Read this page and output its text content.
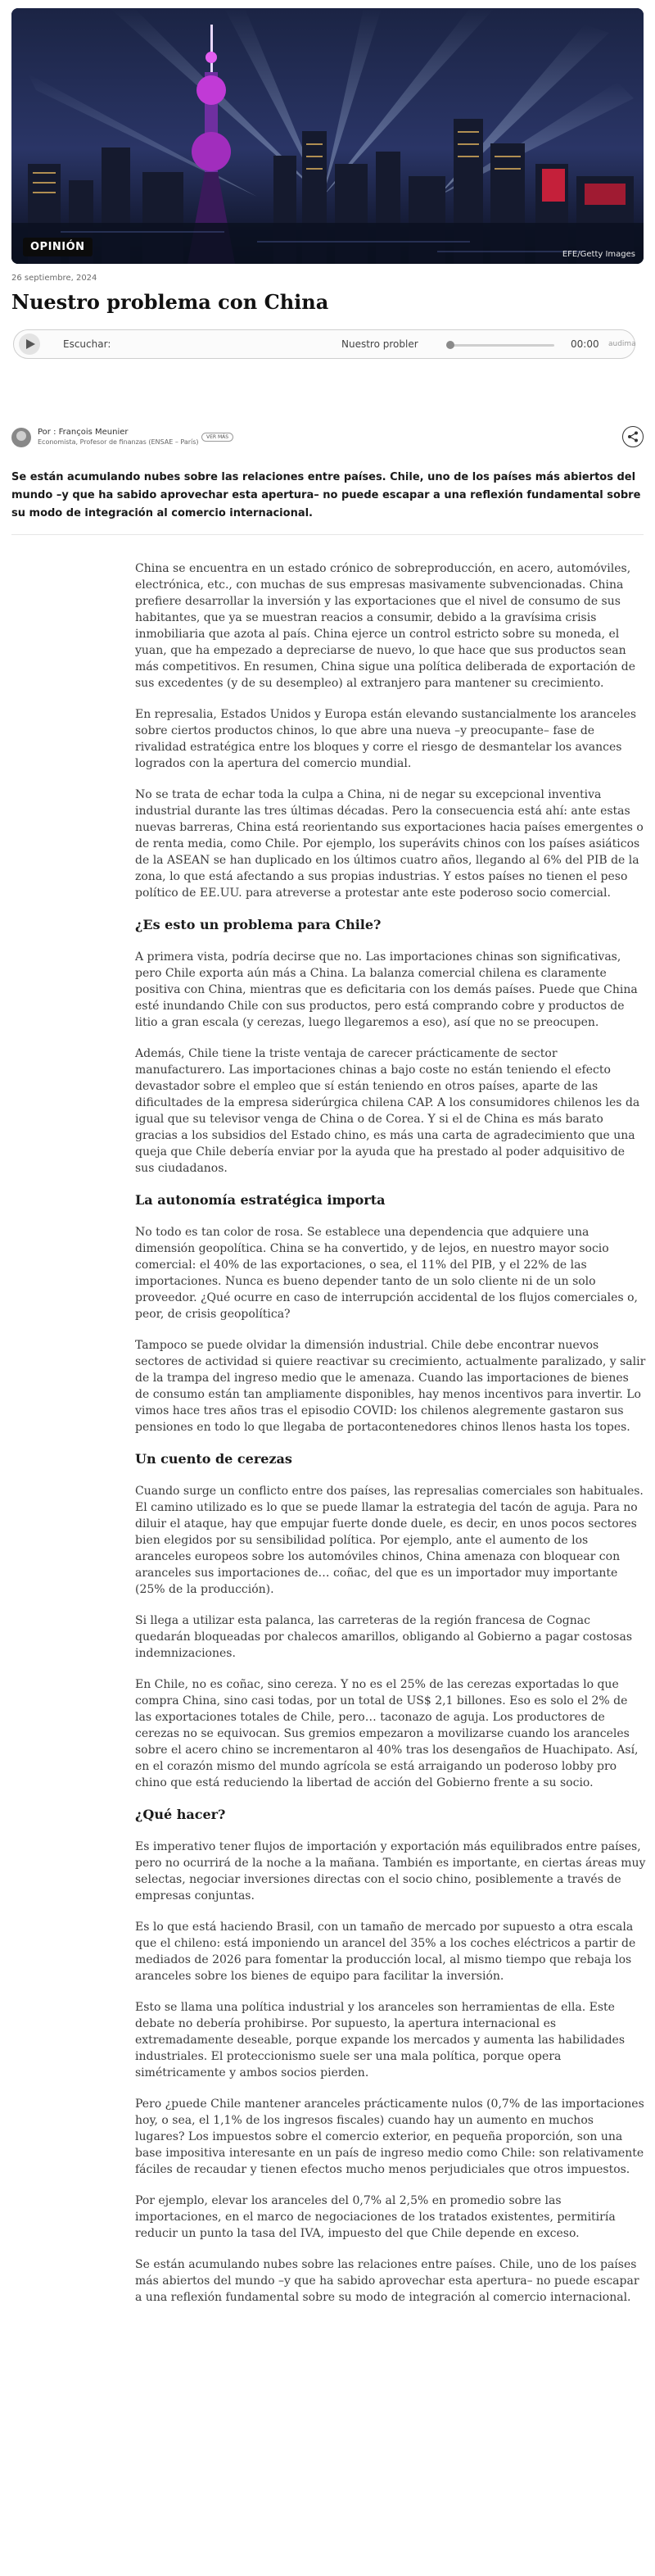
OPINIÓN
EFE/Getty Images
26 septiembre, 2024
Nuestro problema con China
Escuchar:	Nuestro probler	00:00 audima
Por : François Meunier
Economista, Profesor de finanzas (ENSAE – París)
VER MÁS

Se están acumulando nubes sobre las relaciones entre países. Chile, uno de los países más abiertos del mundo –y que ha sabido aprovechar esta apertura– no puede escapar a una reflexión fundamental sobre su modo de integración al comercio internacional.

China se encuentra en un estado crónico de sobreproducción, en acero, automóviles, electrónica, etc., con muchas de sus empresas masivamente subvencionadas. China prefiere desarrollar la inversión y las exportaciones que el nivel de consumo de sus habitantes, que ya se muestran reacios a consumir, debido a la gravísima crisis inmobiliaria que azota al país. China ejerce un control estricto sobre su moneda, el yuan, que ha empezado a depreciarse de nuevo, lo que hace que sus productos sean más competitivos. En resumen, China sigue una política deliberada de exportación de sus excedentes (y de su desempleo) al extranjero para mantener su crecimiento.

En represalia, Estados Unidos y Europa están elevando sustancialmente los aranceles sobre ciertos productos chinos, lo que abre una nueva –y preocupante– fase de rivalidad estratégica entre los bloques y corre el riesgo de desmantelar los avances logrados con la apertura del comercio mundial.

No se trata de echar toda la culpa a China, ni de negar su excepcional inventiva industrial durante las tres últimas décadas. Pero la consecuencia está ahí: ante estas nuevas barreras, China está reorientando sus exportaciones hacia países emergentes o de renta media, como Chile. Por ejemplo, los superávits chinos con los países asiáticos de la ASEAN se han duplicado en los últimos cuatro años, llegando al 6% del PIB de la zona, lo que está afectando a sus propias industrias. Y estos países no tienen el peso político de EE.UU. para atreverse a protestar ante este poderoso socio comercial.

¿Es esto un problema para Chile?

A primera vista, podría decirse que no. Las importaciones chinas son significativas, pero Chile exporta aún más a China. La balanza comercial chilena es claramente positiva con China, mientras que es deficitaria con los demás países. Puede que China esté inundando Chile con sus productos, pero está comprando cobre y productos de litio a gran escala (y cerezas, luego llegaremos a eso), así que no se preocupen.

Además, Chile tiene la triste ventaja de carecer prácticamente de sector manufacturero. Las importaciones chinas a bajo coste no están teniendo el efecto devastador sobre el empleo que sí están teniendo en otros países, aparte de las dificultades de la empresa siderúrgica chilena CAP. A los consumidores chilenos les da igual que su televisor venga de China o de Corea. Y si el de China es más barato gracias a los subsidios del Estado chino, es más una carta de agradecimiento que una queja que Chile debería enviar por la ayuda que ha prestado al poder adquisitivo de sus ciudadanos.

La autonomía estratégica importa

No todo es tan color de rosa. Se establece una dependencia que adquiere una dimensión geopolítica. China se ha convertido, y de lejos, en nuestro mayor socio comercial: el 40% de las exportaciones, o sea, el 11% del PIB, y el 22% de las importaciones. Nunca es bueno depender tanto de un solo cliente ni de un solo proveedor. ¿Qué ocurre en caso de interrupción accidental de los flujos comerciales o, peor, de crisis geopolítica?

Tampoco se puede olvidar la dimensión industrial. Chile debe encontrar nuevos sectores de actividad si quiere reactivar su crecimiento, actualmente paralizado, y salir de la trampa del ingreso medio que le amenaza. Cuando las importaciones de bienes de consumo están tan ampliamente disponibles, hay menos incentivos para invertir. Lo vimos hace tres años tras el episodio COVID: los chilenos alegremente gastaron sus pensiones en todo lo que llegaba de portacontenedores chinos llenos hasta los topes.

Un cuento de cerezas

Cuando surge un conflicto entre dos países, las represalias comerciales son habituales. El camino utilizado es lo que se puede llamar la estrategia del tacón de aguja. Para no diluir el ataque, hay que empujar fuerte donde duele, es decir, en unos pocos sectores bien elegidos por su sensibilidad política. Por ejemplo, ante el aumento de los aranceles europeos sobre los automóviles chinos, China amenaza con bloquear con aranceles sus importaciones de… coñac, del que es un importador muy importante (25% de la producción).

Si llega a utilizar esta palanca, las carreteras de la región francesa de Cognac quedarán bloqueadas por chalecos amarillos, obligando al Gobierno a pagar costosas indemnizaciones.

En Chile, no es coñac, sino cereza. Y no es el 25% de las cerezas exportadas lo que compra China, sino casi todas, por un total de US$ 2,1 billones. Eso es solo el 2% de las exportaciones totales de Chile, pero… taconazo de aguja. Los productores de cerezas no se equivocan. Sus gremios empezaron a movilizarse cuando los aranceles sobre el acero chino se incrementaron al 40% tras los desengaños de Huachipato. Así, en el corazón mismo del mundo agrícola se está arraigando un poderoso lobby pro chino que está reduciendo la libertad de acción del Gobierno frente a su socio.

¿Qué hacer?

Es imperativo tener flujos de importación y exportación más equilibrados entre países, pero no ocurrirá de la noche a la mañana. También es importante, en ciertas áreas muy selectas, negociar inversiones directas con el socio chino, posiblemente a través de empresas conjuntas.

Es lo que está haciendo Brasil, con un tamaño de mercado por supuesto a otra escala que el chileno: está imponiendo un arancel del 35% a los coches eléctricos a partir de mediados de 2026 para fomentar la producción local, al mismo tiempo que rebaja los aranceles sobre los bienes de equipo para facilitar la inversión.

Esto se llama una política industrial y los aranceles son herramientas de ella. Este debate no debería prohibirse. Por supuesto, la apertura internacional es extremadamente deseable, porque expande los mercados y aumenta las habilidades industriales. El proteccionismo suele ser una mala política, porque opera simétricamente y ambos socios pierden.

Pero ¿puede Chile mantener aranceles prácticamente nulos (0,7% de las importaciones hoy, o sea, el 1,1% de los ingresos fiscales) cuando hay un aumento en muchos lugares? Los impuestos sobre el comercio exterior, en pequeña proporción, son una base impositiva interesante en un país de ingreso medio como Chile: son relativamente fáciles de recaudar y tienen efectos mucho menos perjudiciales que otros impuestos.

Por ejemplo, elevar los aranceles del 0,7% al 2,5% en promedio sobre las importaciones, en el marco de negociaciones de los tratados existentes, permitiría reducir un punto la tasa del IVA, impuesto del que Chile depende en exceso.

Se están acumulando nubes sobre las relaciones entre países. Chile, uno de los países más abiertos del mundo –y que ha sabido aprovechar esta apertura– no puede escapar a una reflexión fundamental sobre su modo de integración al comercio internacional.
